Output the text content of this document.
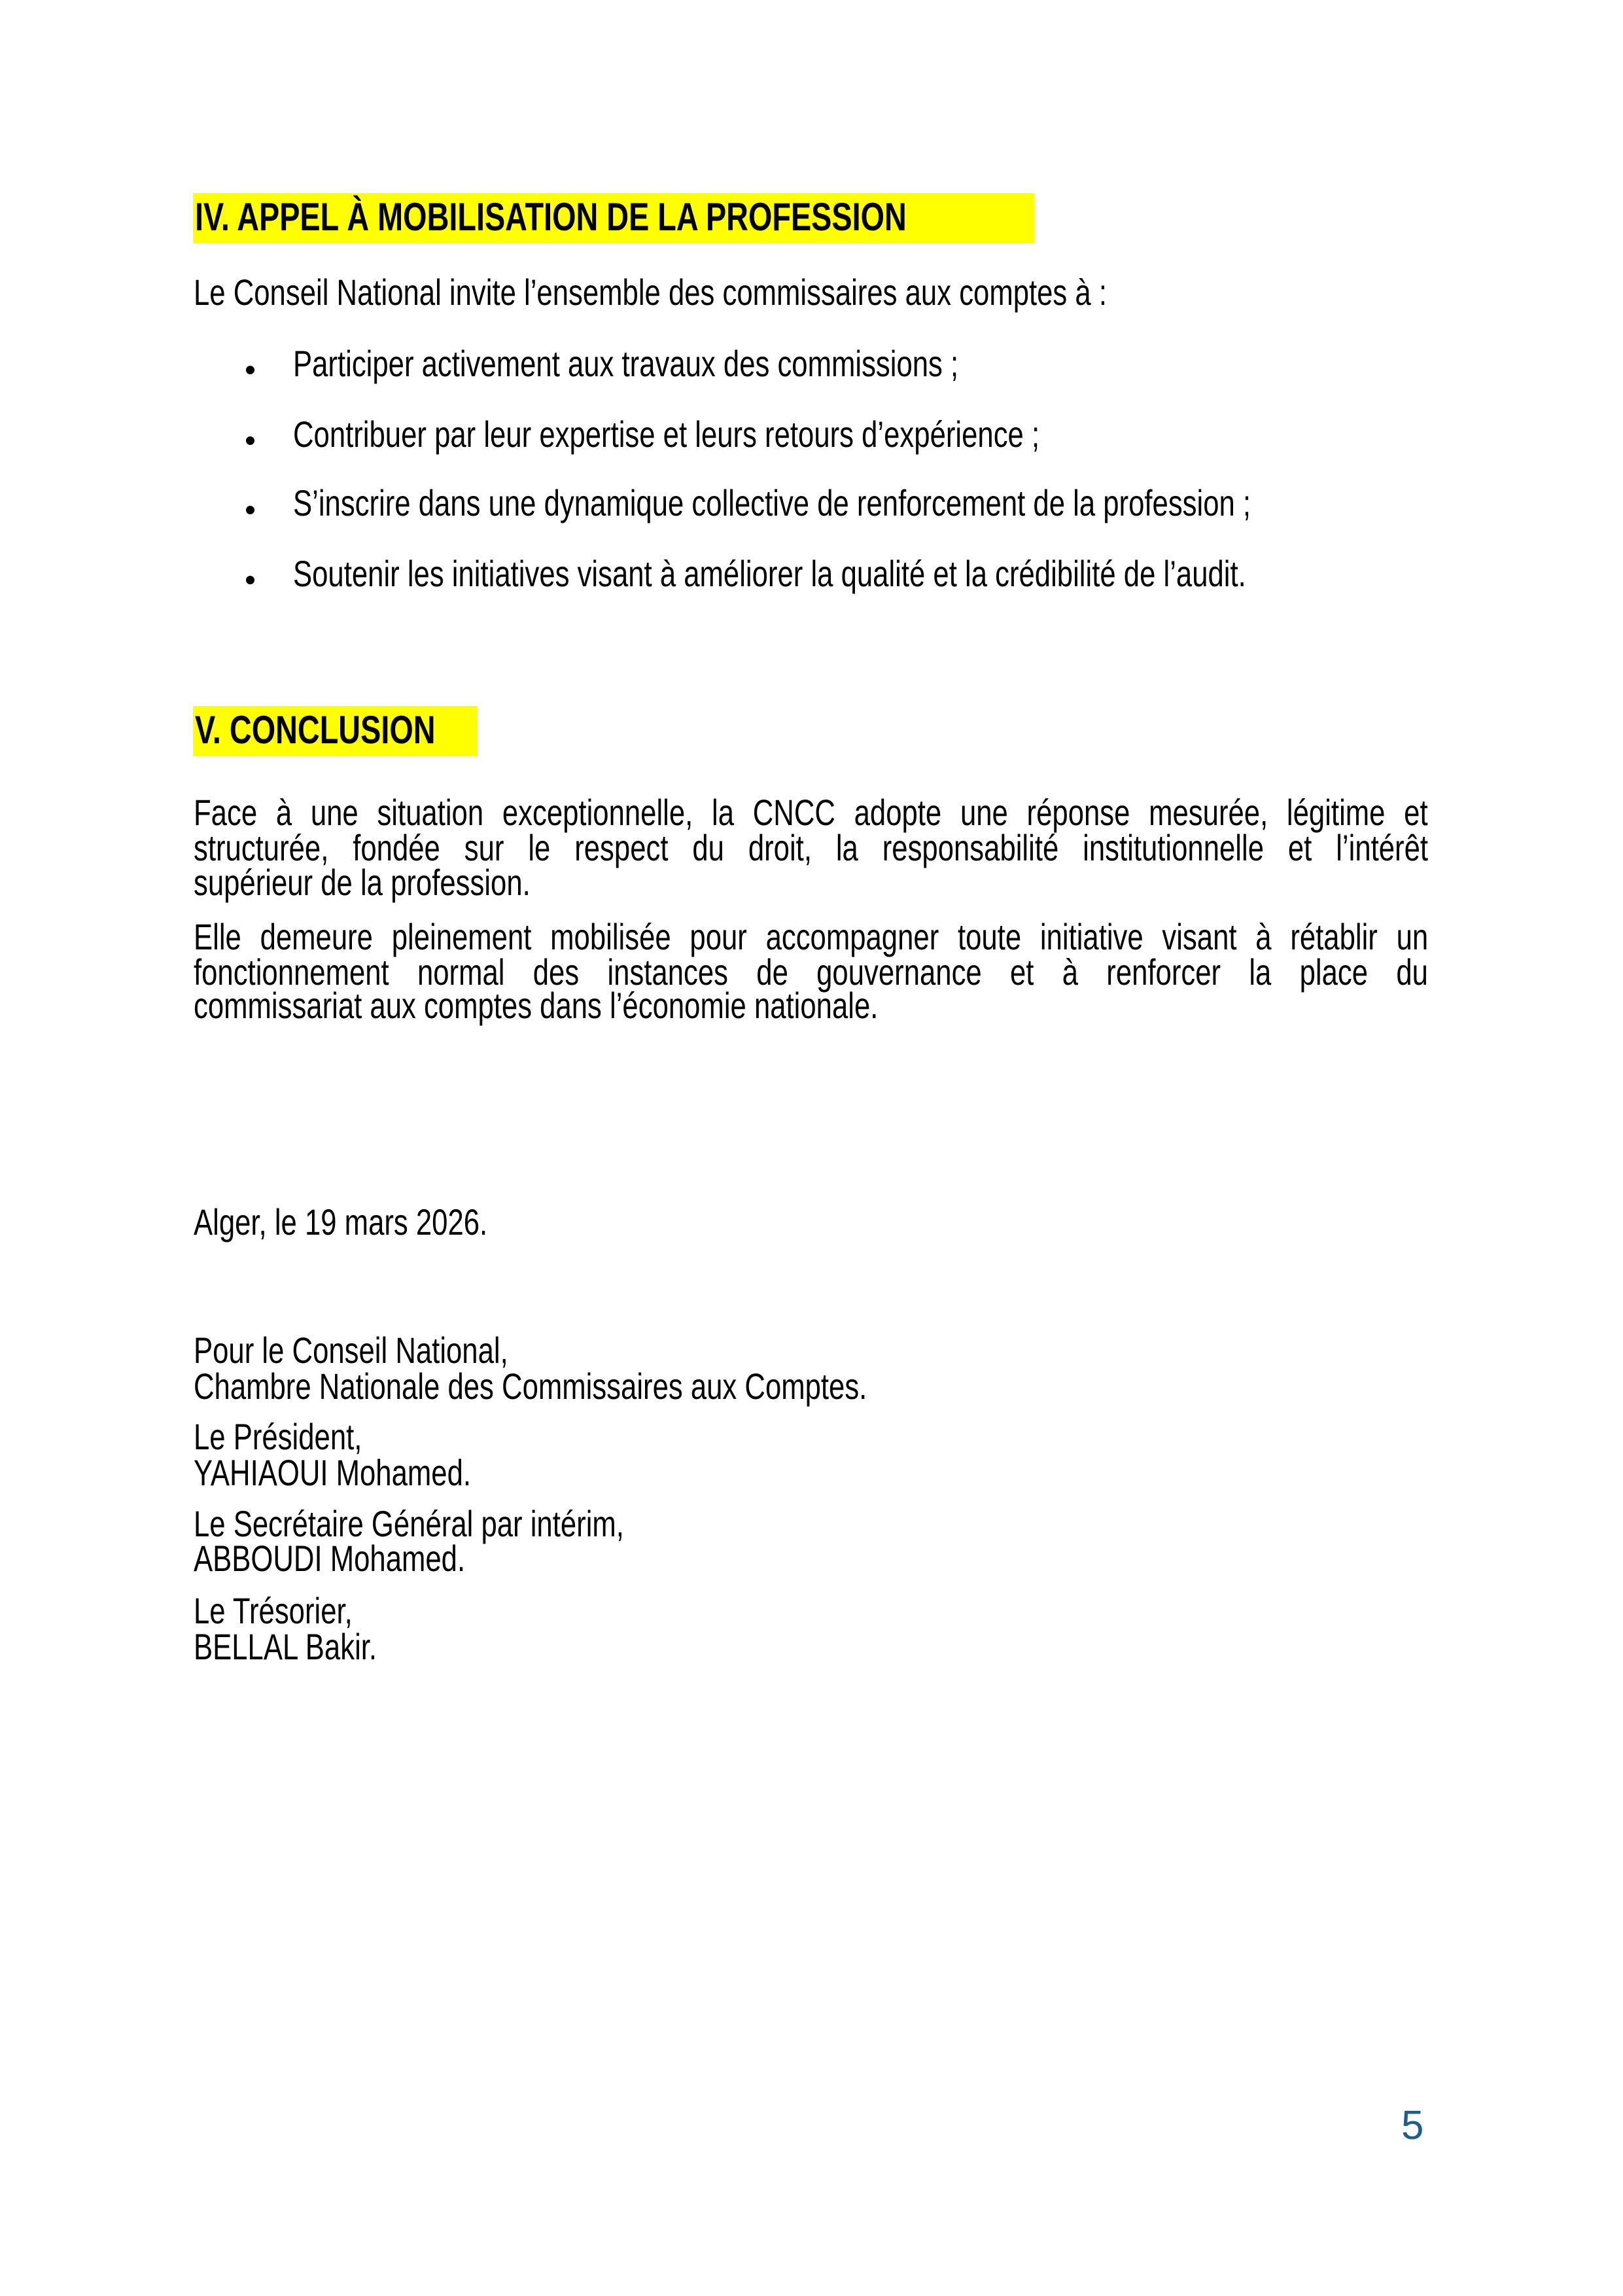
IV. APPEL À MOBILISATION DE LA PROFESSION
Le Conseil National invite l’ensemble des commissaires aux comptes à :
Participer activement aux travaux des commissions ;
Contribuer par leur expertise et leurs retours d’expérience ;
S’inscrire dans une dynamique collective de renforcement de la profession ;
Soutenir les initiatives visant à améliorer la qualité et la crédibilité de l’audit.
V. CONCLUSION
Face à une situation exceptionnelle, la CNCC adopte une réponse mesurée, légitime et
structurée, fondée sur le respect du droit, la responsabilité institutionnelle et l’intérêt
supérieur de la profession.
Elle demeure pleinement mobilisée pour accompagner toute initiative visant à rétablir un
fonctionnement normal des instances de gouvernance et à renforcer la place du
commissariat aux comptes dans l’économie nationale.
Alger, le 19 mars 2026.
Pour le Conseil National,
Chambre Nationale des Commissaires aux Comptes.
Le Président,
YAHIAOUI Mohamed.
Le Secrétaire Général par intérim,
ABBOUDI Mohamed.
Le Trésorier,
BELLAL Bakir.
5
